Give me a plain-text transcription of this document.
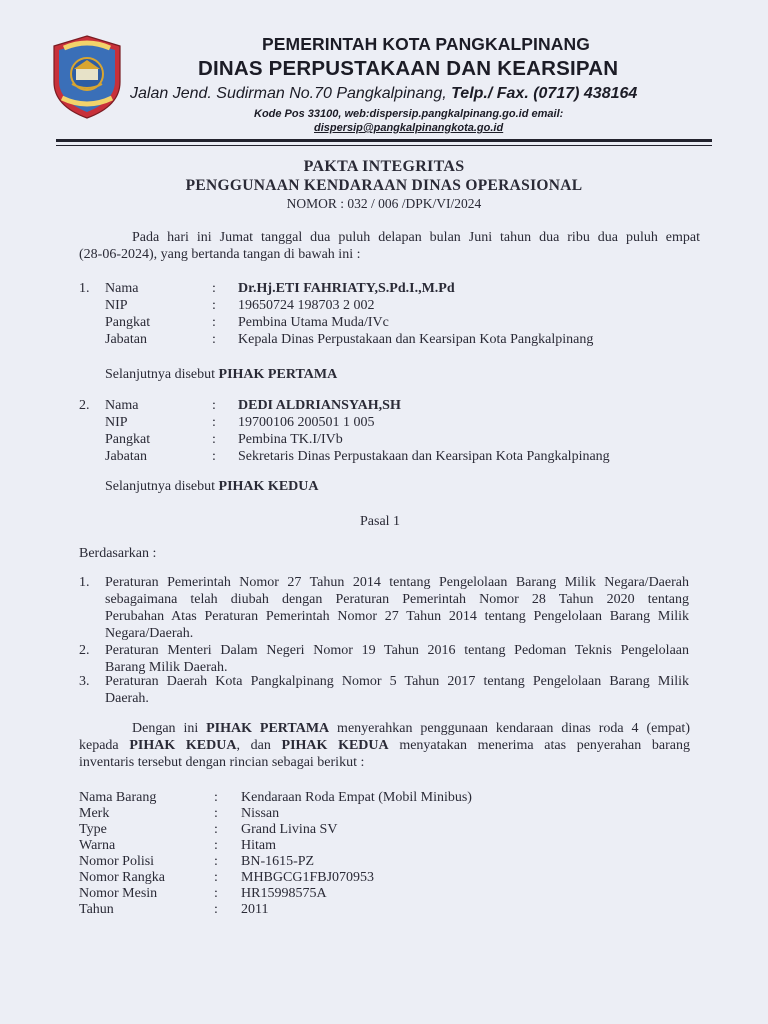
PEMERINTAH KOTA PANGKALPINANG
DINAS PERPUSTAKAAN DAN KEARSIPAN
Jalan Jend. Sudirman No.70 Pangkalpinang, Telp./ Fax. (0717) 438164
Kode Pos 33100, web:dispersip.pangkalpinang.go.id email:
dispersip@pangkalpinangkota.go.id
PAKTA INTEGRITAS
PENGGUNAAN KENDARAAN DINAS OPERASIONAL
NOMOR : 032 / 006 /DPK/VI/2024
Pada hari ini Jumat tanggal dua puluh delapan bulan Juni tahun dua ribu dua puluh empat
(28-06-2024), yang bertanda tangan di bawah ini :
1. Nama	: Dr.Hj.ETI FAHRIATY,S.Pd.I.,M.Pd
NIP	: 19650724 198703 2 002
Pangkat	: Pembina Utama Muda/IVc
Jabatan	: Kepala Dinas Perpustakaan dan Kearsipan Kota Pangkalpinang
Selanjutnya disebut PIHAK PERTAMA
2. Nama	: DEDI ALDRIANSYAH,SH
NIP	: 19700106 200501 1 005
Pangkat	: Pembina TK.I/IVb
Jabatan	: Sekretaris Dinas Perpustakaan dan Kearsipan Kota Pangkalpinang
Selanjutnya disebut PIHAK KEDUA
Pasal 1
Berdasarkan :
1. Peraturan Pemerintah Nomor 27 Tahun 2014 tentang Pengelolaan Barang Milik Negara/Daerah
sebagaimana telah diubah dengan Peraturan Pemerintah Nomor 28 Tahun 2020 tentang
Perubahan Atas Peraturan Pemerintah Nomor 27 Tahun 2014 tentang Pengelolaan Barang Milik
Negara/Daerah.
2. Peraturan Menteri Dalam Negeri Nomor 19 Tahun 2016 tentang Pedoman Teknis Pengelolaan
Barang Milik Daerah.
3. Peraturan Daerah Kota Pangkalpinang Nomor 5 Tahun 2017 tentang Pengelolaan Barang Milik
Daerah.
Dengan ini PIHAK PERTAMA menyerahkan penggunaan kendaraan dinas roda 4 (empat)
kepada PIHAK KEDUA, dan PIHAK KEDUA menyatakan menerima atas penyerahan barang
inventaris tersebut dengan rincian sebagai berikut :
Nama Barang	: Kendaraan Roda Empat (Mobil Minibus)
Merk	: Nissan
Type	: Grand Livina SV
Warna	: Hitam
Nomor Polisi	: BN-1615-PZ
Nomor Rangka	: MHBGCG1FBJ070953
Nomor Mesin	: HR15998575A
Tahun	: 2011
